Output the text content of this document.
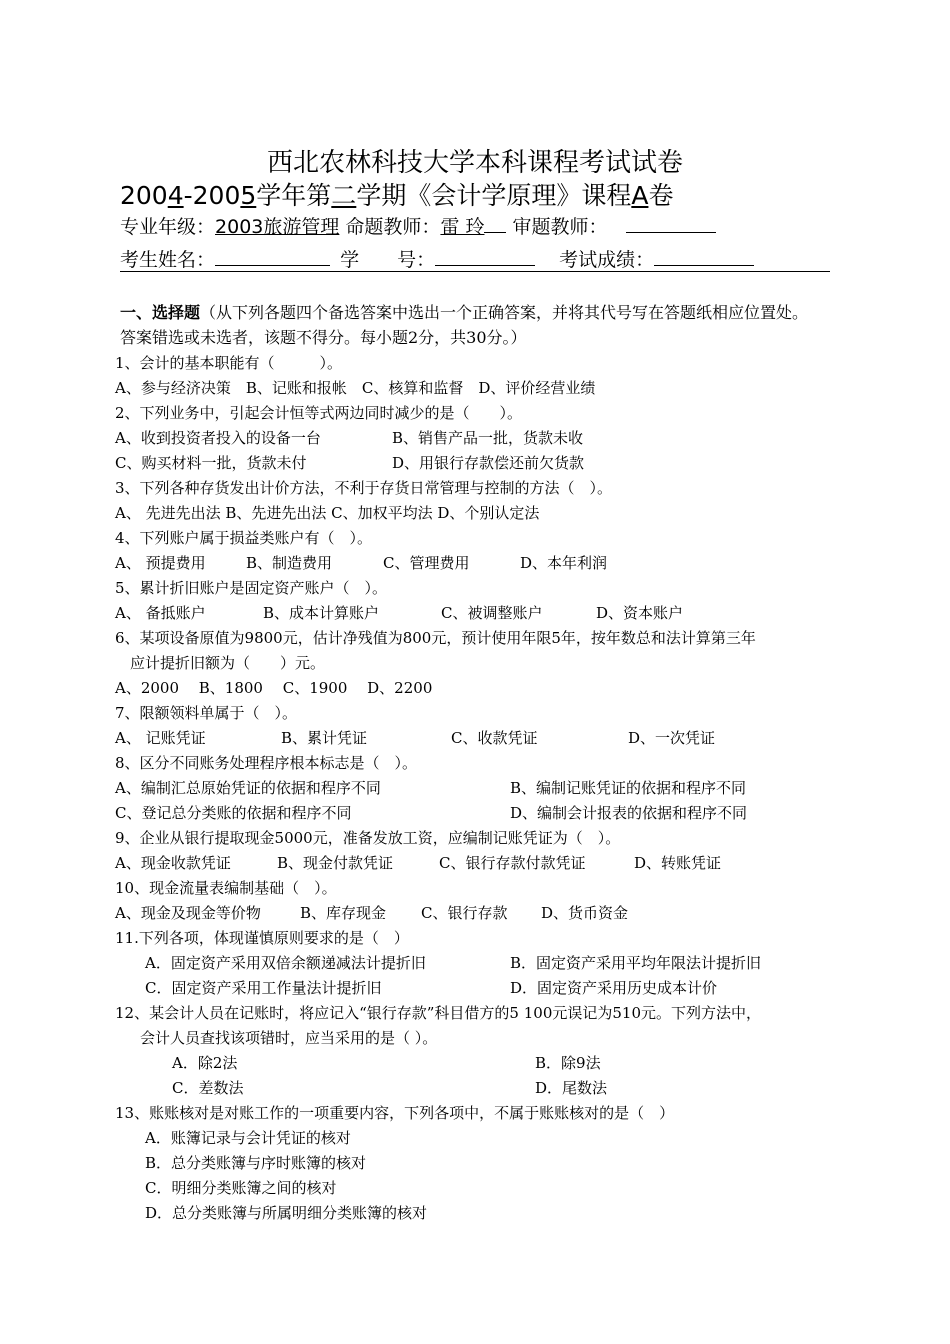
西北农林科技大学本科课程考试试卷
2004-2005学年第二学期《会计学原理》课程A卷
专业年级：2003旅游管理 命题教师：雷 玲 审题教师：
考生姓名：	学　　号：	考试成绩：
一、选择题（从下列各题四个备选答案中选出一个正确答案，并将其代号写在答题纸相应位置处。答案错选或未选者，该题不得分。每小题2分，共30分。）
1、会计的基本职能有（　　　）。
A、参与经济决策　B、记账和报帐　C、核算和监督　D、评价经营业绩
2、下列业务中，引起会计恒等式两边同时减少的是（　　）。
A、收到投资者投入的设备一台	B、销售产品一批，货款未收
C、购买材料一批，货款未付	D、用银行存款偿还前欠货款
3、下列各种存货发出计价方法，不利于存货日常管理与控制的方法（　）。
A、 先进先出法 B、先进先出法 C、加权平均法 D、个别认定法
4、下列账户属于损益类账户有（　）。
A、 预提费用	B、制造费用	C、管理费用	D、本年利润
5、累计折旧账户是固定资产账户（　）。
A、 备抵账户	B、成本计算账户	C、被调整账户	D、资本账户
6、某项设备原值为9800元，估计净残值为800元，预计使用年限5年，按年数总和法计算第三年
应计提折旧额为（　　）元。
A、2000　 B、1800　 C、1900　 D、2200
7、限额领料单属于（　）。
A、 记账凭证	B、累计凭证	C、收款凭证	D、一次凭证
8、区分不同账务处理程序根本标志是（　）。
A、编制汇总原始凭证的依据和程序不同	B、编制记账凭证的依据和程序不同
C、登记总分类账的依据和程序不同	D、编制会计报表的依据和程序不同
9、企业从银行提取现金5000元，准备发放工资，应编制记账凭证为（　）。
A、现金收款凭证	B、现金付款凭证	C、银行存款付款凭证	D、转账凭证
10、现金流量表编制基础（　）。
A、现金及现金等价物	B、库存现金 C、银行存款 D、货币资金
11.下列各项，体现谨慎原则要求的是（　）
A．固定资产采用双倍余额递减法计提折旧	B．固定资产采用平均年限法计提折旧
C．固定资产采用工作量法计提折旧	D．固定资产采用历史成本计价
12、某会计人员在记账时，将应记入“银行存款”科目借方的5 100元误记为510元。下列方法中，
会计人员查找该项错时，应当采用的是（ ）。
A．除2法	B．除9法
C．差数法	D．尾数法
13、账账核对是对账工作的一项重要内容，下列各项中，不属于账账核对的是（　）
A．账簿记录与会计凭证的核对
B．总分类账簿与序时账簿的核对
C．明细分类账簿之间的核对
D．总分类账簿与所属明细分类账簿的核对
